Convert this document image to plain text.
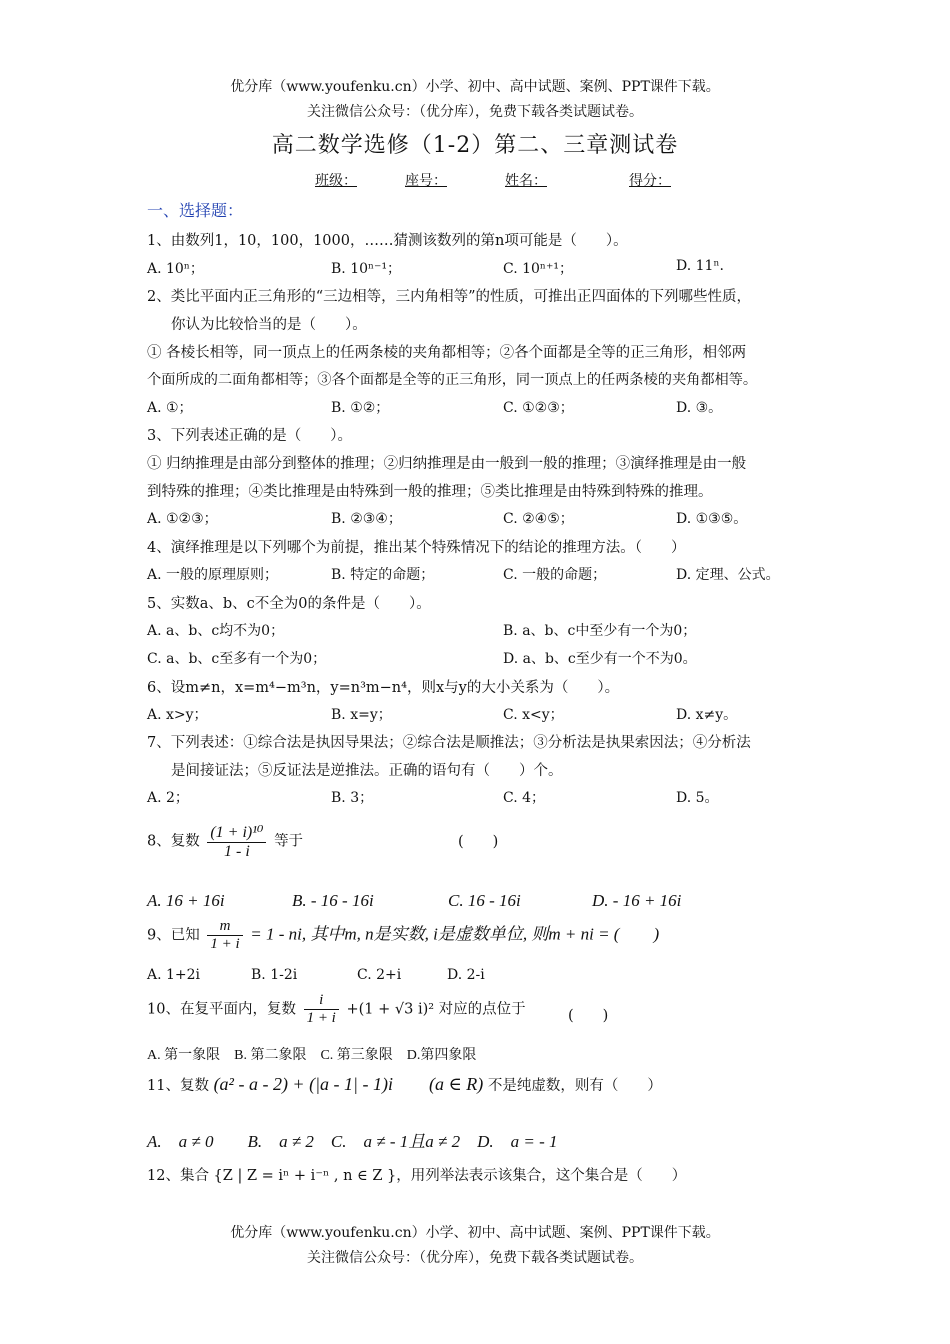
优分库（www.youfenku.cn）小学、初中、高中试题、案例、PPT课件下载。
关注微信公众号：（优分库），免费下载各类试题试卷。
高二数学选修（1-2）第二、三章测试卷
班级：	座号：	姓名：	得分：
一、选择题：
1、由数列1，10，100，1000，……猜测该数列的第n项可能是（　　）。
A. 10ⁿ；	B. 10ⁿ⁻¹；	C. 10ⁿ⁺¹；	D. 11ⁿ.
2、类比平面内正三角形的“三边相等，三内角相等”的性质，可推出正四面体的下列哪些性质，
你认为比较恰当的是（　　）。
① 各棱长相等，同一顶点上的任两条棱的夹角都相等；②各个面都是全等的正三角形，相邻两
个面所成的二面角都相等；③各个面都是全等的正三角形，同一顶点上的任两条棱的夹角都相等。
A. ①；	B. ①②；	C. ①②③；	D. ③。
3、下列表述正确的是（　　）。
① 归纳推理是由部分到整体的推理；②归纳推理是由一般到一般的推理；③演绎推理是由一般
到特殊的推理；④类比推理是由特殊到一般的推理；⑤类比推理是由特殊到特殊的推理。
A. ①②③；	B. ②③④；	C. ②④⑤；	D. ①③⑤。
4、演绎推理是以下列哪个为前提，推出某个特殊情况下的结论的推理方法。（　　）
A. 一般的原理原则；	B. 特定的命题；	C. 一般的命题；	D. 定理、公式。
5、实数a、b、c不全为0的条件是（　　）。
A. a、b、c均不为0；	B. a、b、c中至少有一个为0；
C. a、b、c至多有一个为0；	D. a、b、c至少有一个不为0。
6、设m≠n，x=m⁴−m³n，y=n³m−n⁴，则x与y的大小关系为（　　）。
A. x>y；	B. x=y；	C. x<y；	D. x≠y。
7、下列表述：①综合法是执因导果法；②综合法是顺推法；③分析法是执果索因法；④分析法
是间接证法；⑤反证法是逆推法。正确的语句有（　　）个。
A. 2；	B. 3；	C. 4；	D. 5。
8、复数 $\frac{\text{(1 + i)¹⁰}}{1 - i}$ 等于	(　　)
A. 16 + 16i	B. - 16 - 16i	C. 16 - 16i	D. - 16 + 16i
9、已知 $\frac{m}{1 + i} = 1$ - ni, 其中m, n是实数, i是虚数单位, 则m + ni = (　　)
A. 1+2i	B. 1-2i	C. 2+i	D. 2-i
10、在复平面内，复数 $\frac{i}{1 + i} +(1 + √3$ i)² 对应的点位于	(　　)
A. 第一象限　B. 第二象限　C. 第三象限　D.第四象限
11、复数 (a² - a - 2) + (|a - 1| - 1)i　　(a ∈ R) 不是纯虚数，则有（　　）
A.　a ≠ 0　　B.　a ≠ 2　C.　a ≠ - 1且a ≠ 2　D.　a = - 1
12、集合 {Z | Z = iⁿ + i⁻ⁿ , n ∈ Z }，用列举法表示该集合，这个集合是（　　）
优分库（www.youfenku.cn）小学、初中、高中试题、案例、PPT课件下载。
关注微信公众号：（优分库），免费下载各类试题试卷。
